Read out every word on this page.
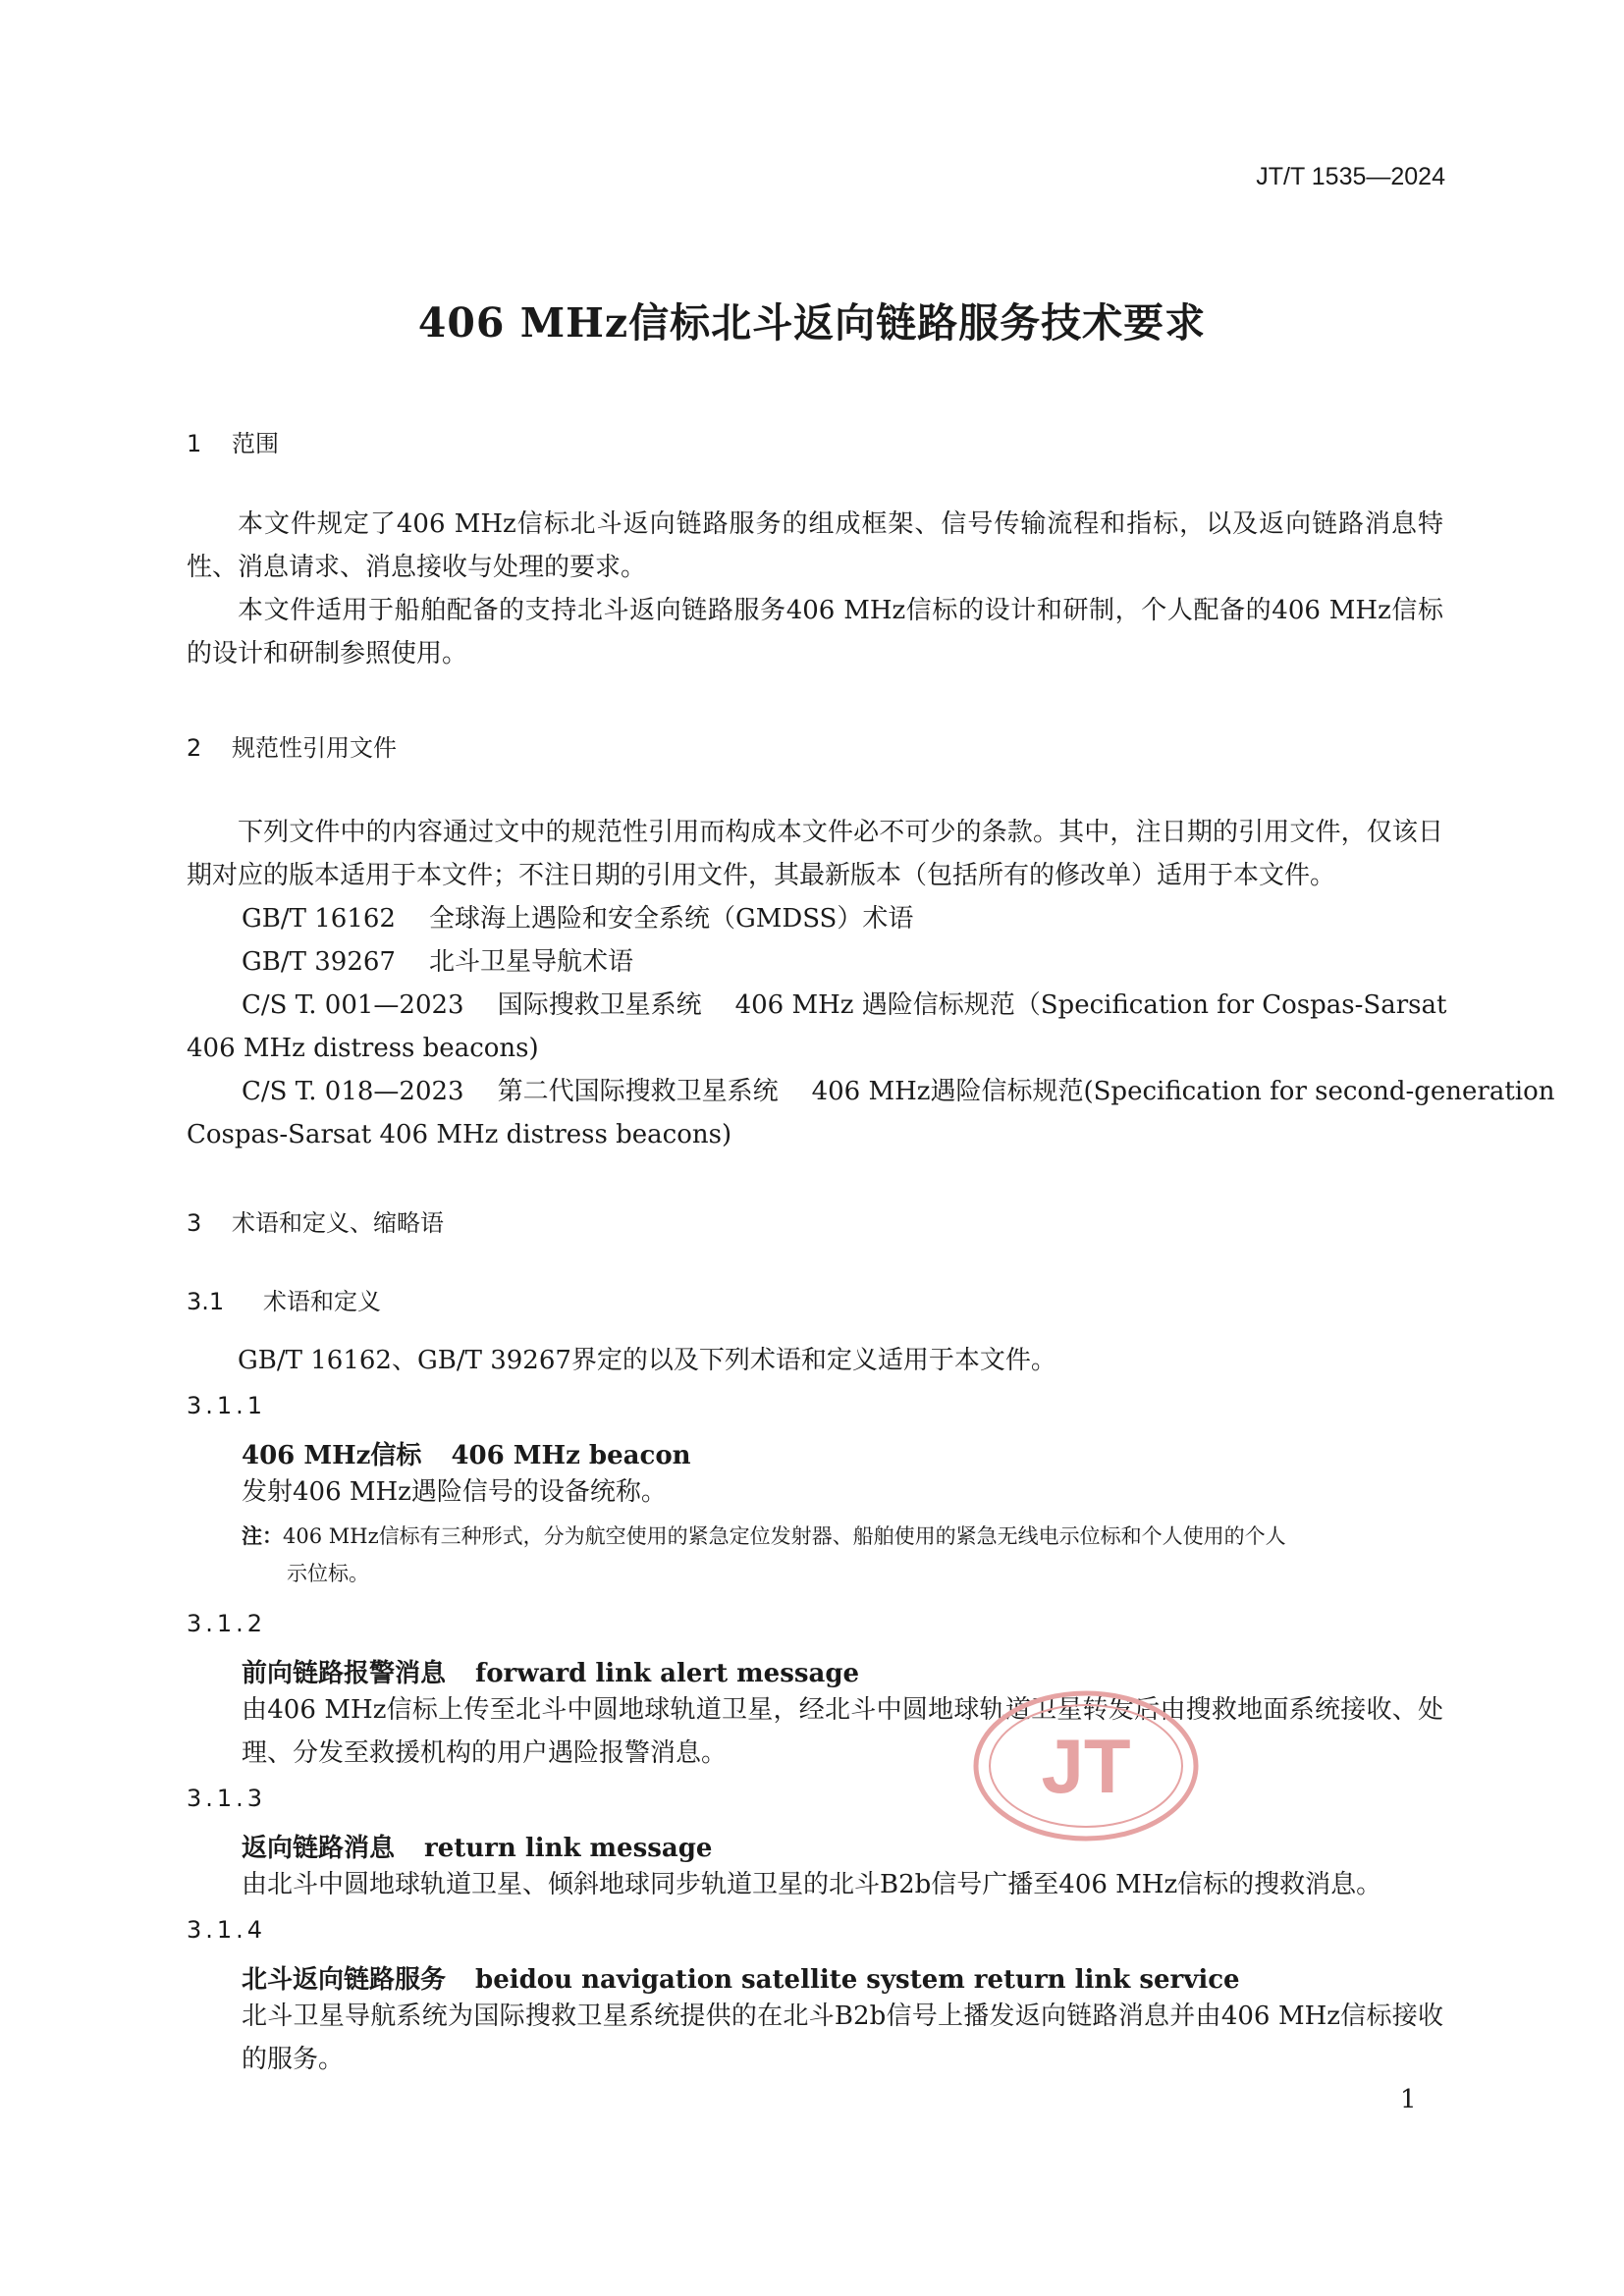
JT/T 1535—2024
406 MHz信标北斗返向链路服务技术要求
1 范围
本文件规定了406 MHz信标北斗返向链路服务的组成框架、信号传输流程和指标，以及返向链路消息特性、消息请求、消息接收与处理的要求。
本文件适用于船舶配备的支持北斗返向链路服务406 MHz信标的设计和研制，个人配备的406 MHz信标的设计和研制参照使用。
2 规范性引用文件
下列文件中的内容通过文中的规范性引用而构成本文件必不可少的条款。其中，注日期的引用文件，仅该日期对应的版本适用于本文件；不注日期的引用文件，其最新版本（包括所有的修改单）适用于本文件。
GB/T 16162 全球海上遇险和安全系统（GMDSS）术语
GB/T 39267 北斗卫星导航术语
C/S T. 001—2023 国际搜救卫星系统 406 MHz 遇险信标规范（Specification for Cospas-Sarsat
406 MHz distress beacons)
C/S T. 018—2023 第二代国际搜救卫星系统 406 MHz遇险信标规范(Specification for second-generation
Cospas-Sarsat 406 MHz distress beacons)
3 术语和定义、缩略语
3.1 术语和定义
GB/T 16162、GB/T 39267界定的以及下列术语和定义适用于本文件。
3.1.1
406 MHz信标 406 MHz beacon
发射406 MHz遇险信号的设备统称。
注：406 MHz信标有三种形式，分为航空使用的紧急定位发射器、船舶使用的紧急无线电示位标和个人使用的个人
示位标。
3.1.2
前向链路报警消息 forward link alert message
由406 MHz信标上传至北斗中圆地球轨道卫星，经北斗中圆地球轨道卫星转发后由搜救地面系统接收、处理、分发至救援机构的用户遇险报警消息。
3.1.3
返向链路消息 return link message
由北斗中圆地球轨道卫星、倾斜地球同步轨道卫星的北斗B2b信号广播至406 MHz信标的搜救消息。
3.1.4
北斗返向链路服务 beidou navigation satellite system return link service
北斗卫星导航系统为国际搜救卫星系统提供的在北斗B2b信号上播发返向链路消息并由406 MHz信标接收的服务。
JT
1
